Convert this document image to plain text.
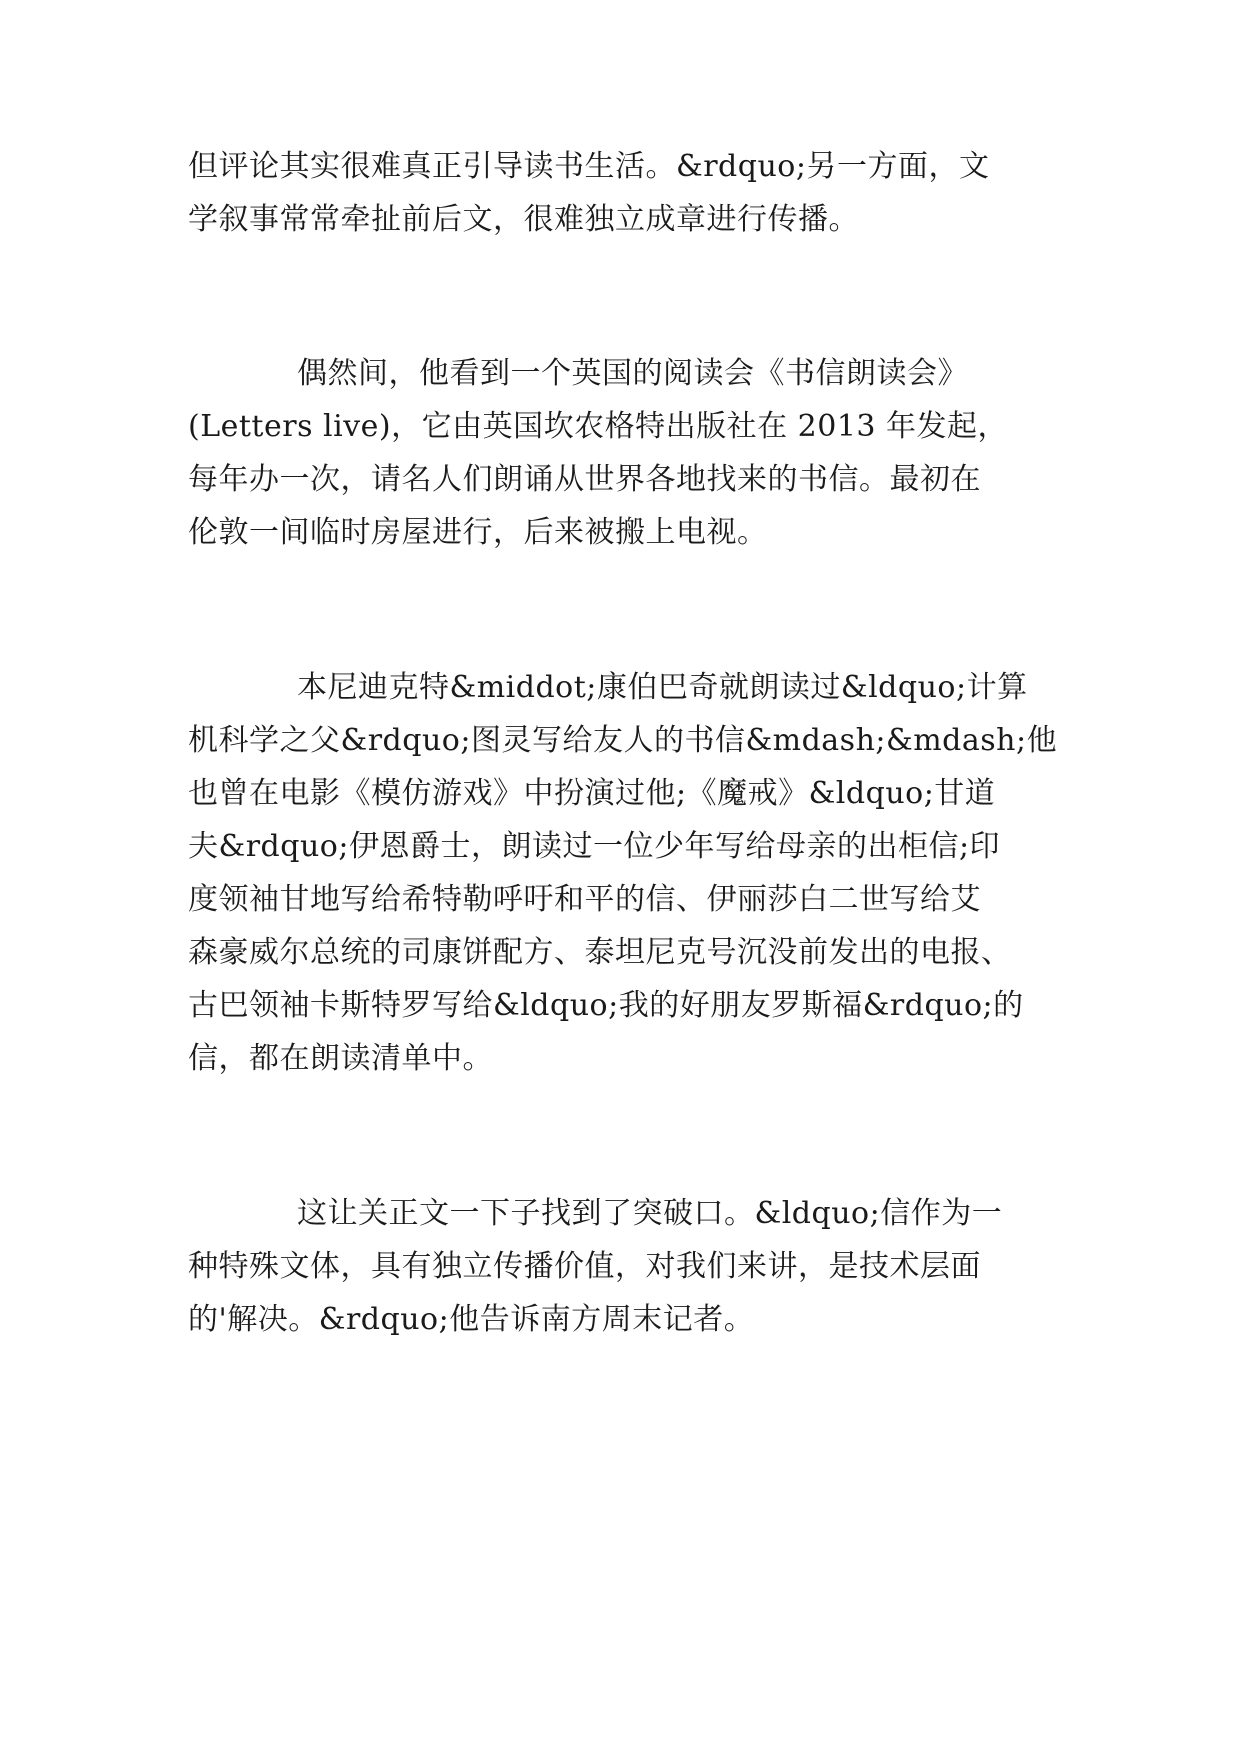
但评论其实很难真正引导读书生活。&rdquo;另一方面，文
学叙事常常牵扯前后文，很难独立成章进行传播。
偶然间，他看到一个英国的阅读会《书信朗读会》
(Letters live)，它由英国坎农格特出版社在 2013 年发起，
每年办一次，请名人们朗诵从世界各地找来的书信。最初在
伦敦一间临时房屋进行，后来被搬上电视。
本尼迪克特&middot;康伯巴奇就朗读过&ldquo;计算
机科学之父&rdquo;图灵写给友人的书信&mdash;&mdash;他
也曾在电影《模仿游戏》中扮演过他;《魔戒》&ldquo;甘道
夫&rdquo;伊恩爵士，朗读过一位少年写给母亲的出柜信;印
度领袖甘地写给希特勒呼吁和平的信、伊丽莎白二世写给艾
森豪威尔总统的司康饼配方、泰坦尼克号沉没前发出的电报、
古巴领袖卡斯特罗写给&ldquo;我的好朋友罗斯福&rdquo;的
信，都在朗读清单中。
这让关正文一下子找到了突破口。&ldquo;信作为一
种特殊文体，具有独立传播价值，对我们来讲，是技术层面
的'解决。&rdquo;他告诉南方周末记者。
